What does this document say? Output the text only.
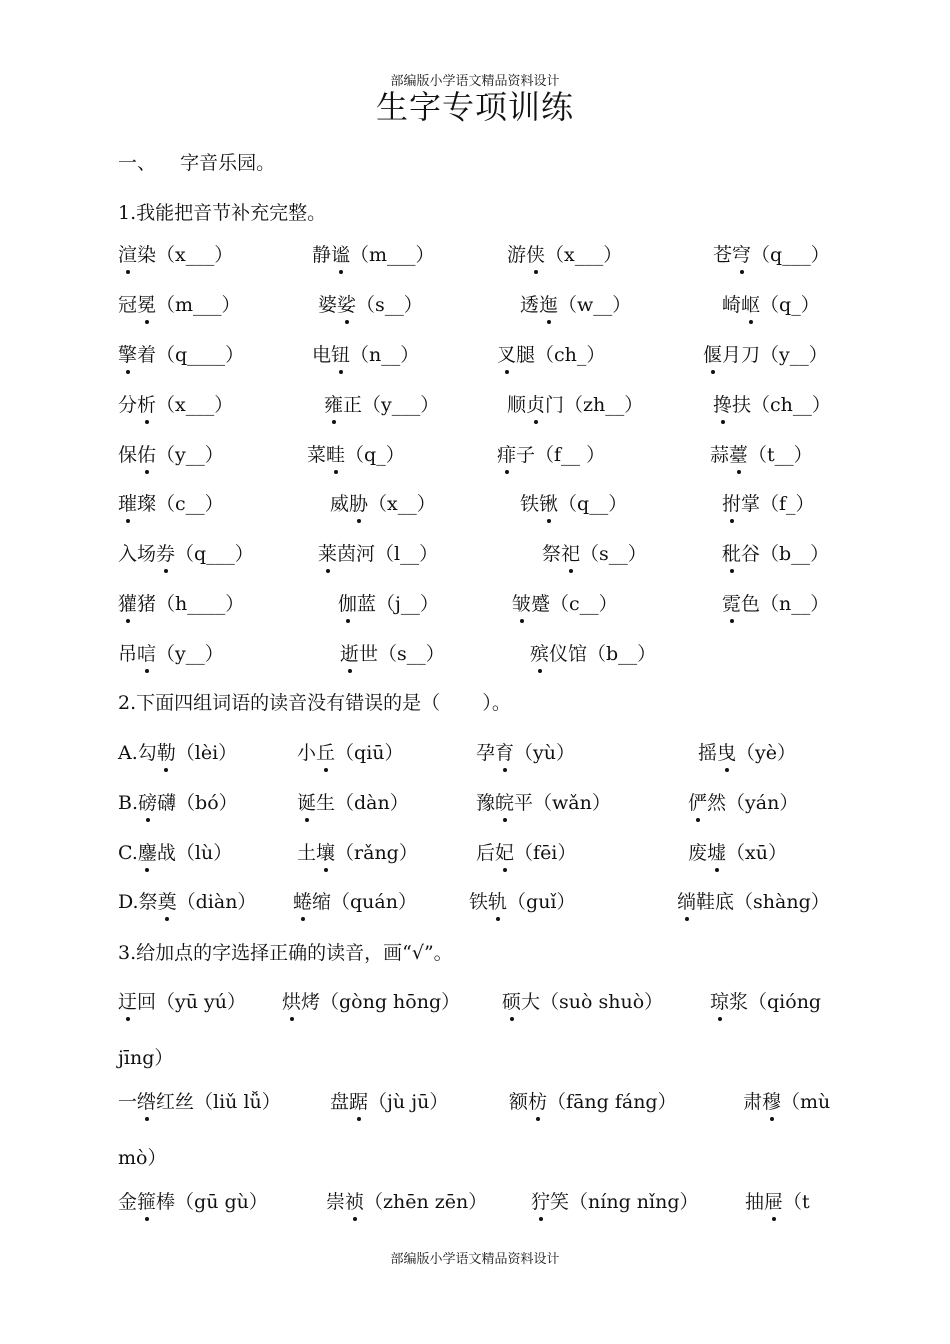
部编版小学语文精品资料设计
生字专项训练
一、    字音乐园。
1.我能把音节补充完整。
2.下面四组词语的读音没有错误的是（       ）。
3.给加点的字选择正确的读音，画“√”。
渲染（x___）	静谧（m___）	游侠（x___）	苍穹（q___）
冠冕（m___）	婆娑（s__）	透迤（w__）	崎岖（q_）
擎着（q____）	电钮（n__）	叉腿（ch_）	偃月刀（y__）
分析（x___）	雍正（y___）	顺贞门（zh__）	搀扶（ch__）
保佑（y__）	菜畦（q_）	痱子（f__ ）	蒜薹（t__）
璀璨（c__）	威胁（x__）	铁锹（q__）	拊掌（f_）
入场券（q___）	莱茵河（l__）	祭祀（s__）	秕谷（b__）
獾猪（h____）	伽蓝（j__）	皱蹙（c__）	霓色（n__）
吊唁（y__）	逝世（s__）	殡仪馆（b__）
A.勾勒（lèi）	小丘（qiū）	孕育（yù）	摇曳（yè）
B.磅礴（bó）	诞生（dàn）	豫皖平（wǎn）	俨然（yán）
C.鏖战（lù）	土壤（rǎng）	后妃（fēi）	废墟（xū）
D.祭奠（diàn） 蜷缩（quán）	铁轨（guǐ）	绱鞋底（shàng）
迂回（yū yú） 烘烤（gòng hōng） 硕大（suò shuò） 琼浆（qióng
jīng）
一绺红丝（liǔ lǚ）	盘踞（jù jū）	额枋（fāng fáng）	肃穆（mù
mò）
金箍棒（gū gù）	崇祯（zhēn zēn） 狞笑（níng nǐng） 抽屉（t
部编版小学语文精品资料设计
